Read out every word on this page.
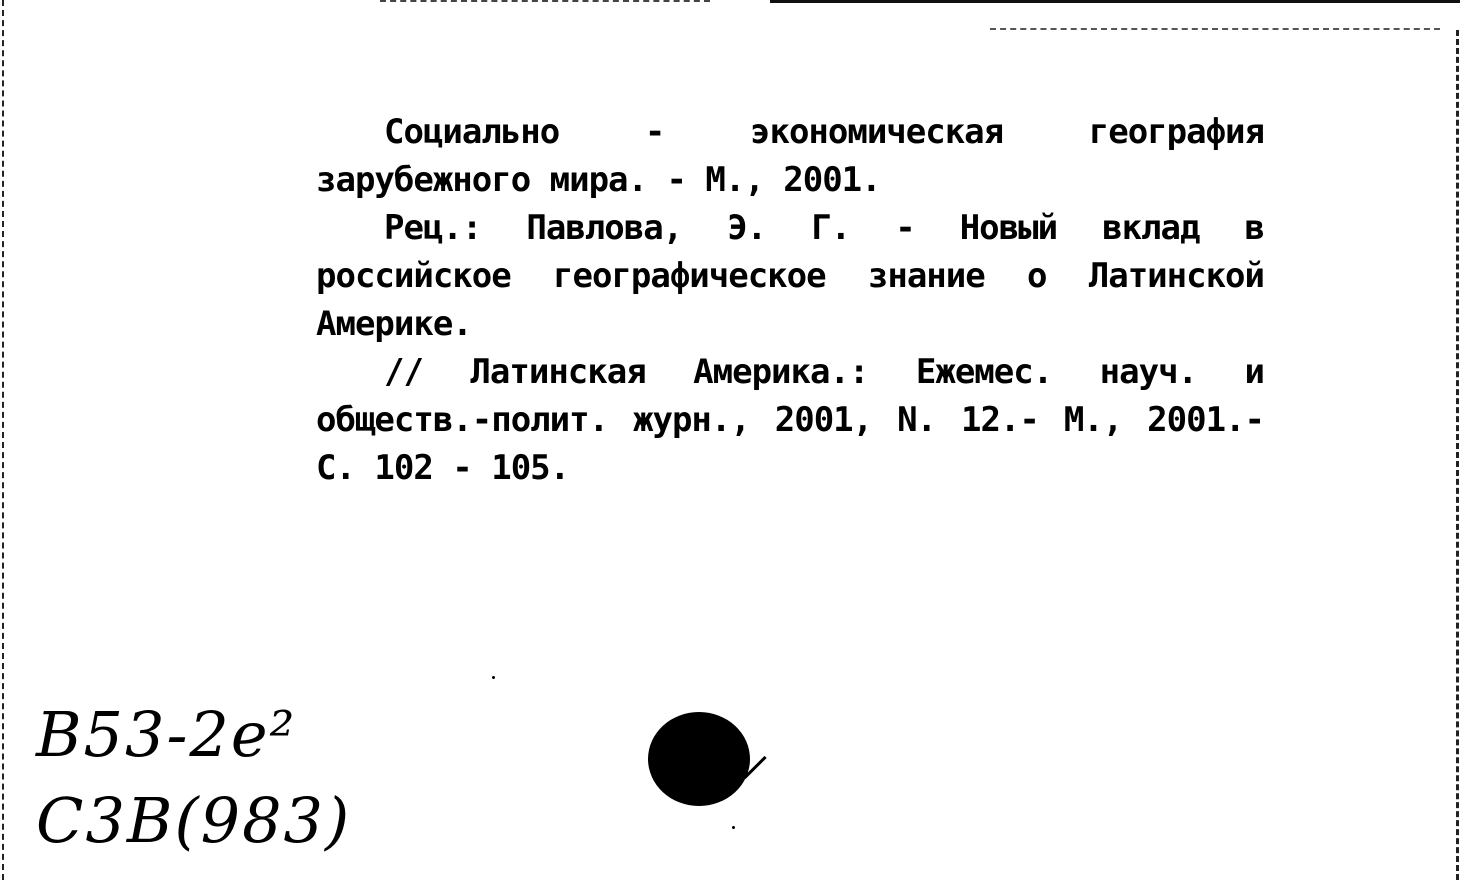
Социально - экономическая география зарубежного мира. - М., 2001.

Рец.: Павлова, Э. Г. - Новый вклад в российское географическое знание о Латинской Америке.

// Латинская Америка.: Ежемес. науч. и обществ.-полит. журн., 2001, N. 12.- М., 2001.-С. 102 - 105.

В53-2е²
С3В(983)
